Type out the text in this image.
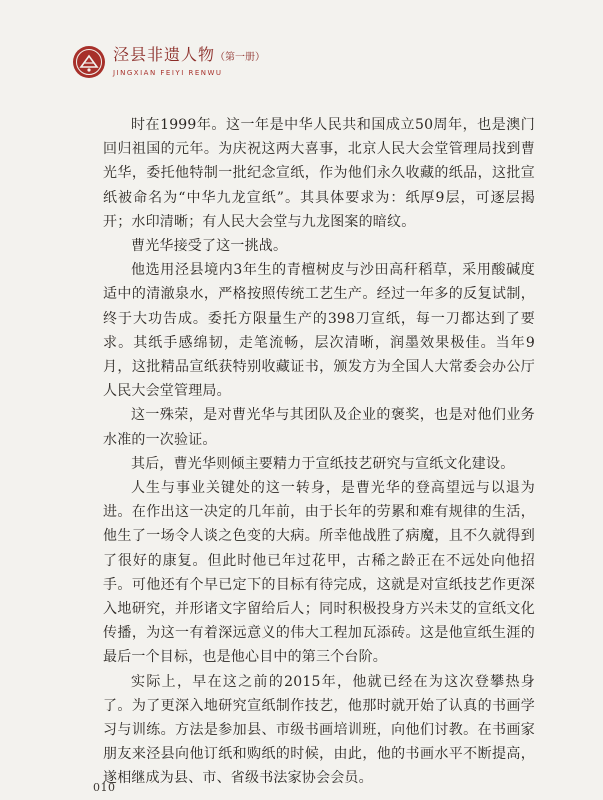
泾县非遗人物（第一册）
JINGXIAN FEIYI RENWU

时在1999年。这一年是中华人民共和国成立50周年，也是澳门回归祖国的元年。为庆祝这两大喜事，北京人民大会堂管理局找到曹光华，委托他特制一批纪念宣纸，作为他们永久收藏的纸品，这批宣纸被命名为“中华九龙宣纸”。其具体要求为：纸厚9层，可逐层揭开；水印清晰；有人民大会堂与九龙图案的暗纹。

曹光华接受了这一挑战。

他选用泾县境内3年生的青檀树皮与沙田高秆稻草，采用酸碱度适中的清澈泉水，严格按照传统工艺生产。经过一年多的反复试制，终于大功告成。委托方限量生产的398刀宣纸，每一刀都达到了要求。其纸手感绵韧，走笔流畅，层次清晰，润墨效果极佳。当年9月，这批精品宣纸获特别收藏证书，颁发方为全国人大常委会办公厅人民大会堂管理局。

这一殊荣，是对曹光华与其团队及企业的褒奖，也是对他们业务水准的一次验证。

其后，曹光华则倾主要精力于宣纸技艺研究与宣纸文化建设。

人生与事业关键处的这一转身，是曹光华的登高望远与以退为进。在作出这一决定的几年前，由于长年的劳累和难有规律的生活，他生了一场令人谈之色变的大病。所幸他战胜了病魔，且不久就得到了很好的康复。但此时他已年过花甲，古稀之龄正在不远处向他招手。可他还有个早已定下的目标有待完成，这就是对宣纸技艺作更深入地研究，并形诸文字留给后人；同时积极投身方兴未艾的宣纸文化传播，为这一有着深远意义的伟大工程加瓦添砖。这是他宣纸生涯的最后一个目标，也是他心目中的第三个台阶。

实际上，早在这之前的2015年，他就已经在为这次登攀热身了。为了更深入地研究宣纸制作技艺，他那时就开始了认真的书画学习与训练。方法是参加县、市级书画培训班，向他们讨教。在书画家朋友来泾县向他订纸和购纸的时候，由此，他的书画水平不断提高，遂相继成为县、市、省级书法家协会会员。

010
